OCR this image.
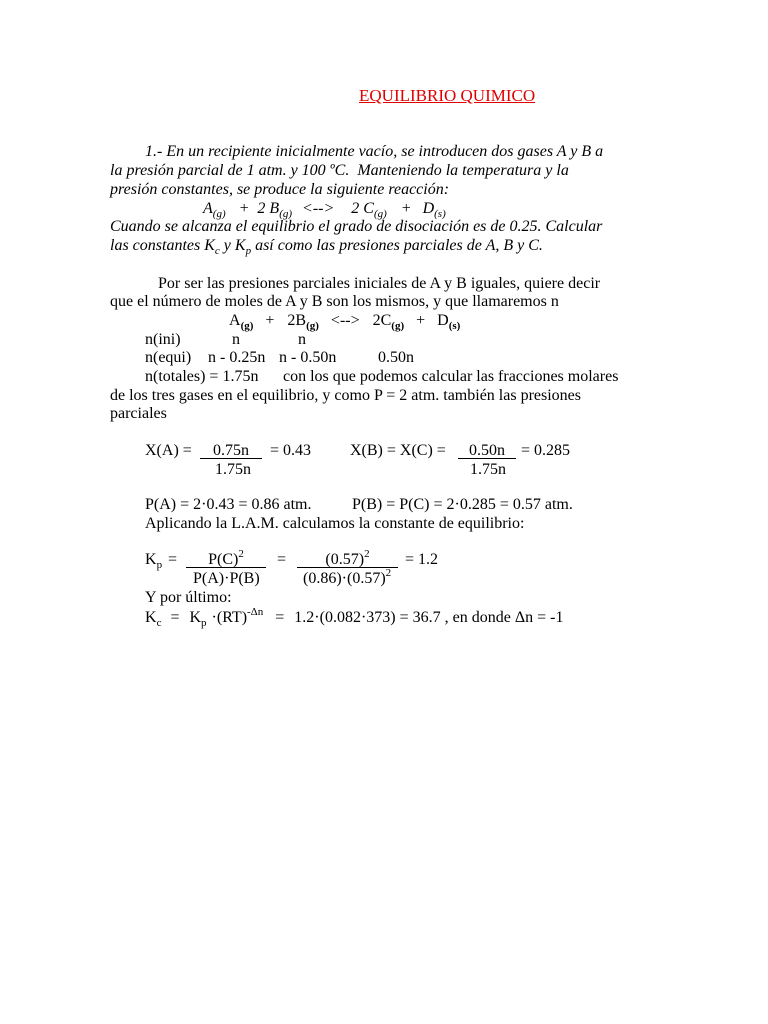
EQUILIBRIO QUIMICO
1.- En un recipiente inicialmente vacío, se introducen dos gases A y B a
la presión parcial de 1 atm. y 100 ºC.  Manteniendo la temperatura y la
presión constantes, se produce la siguiente reacción:
$A_{(g)} + 2$ $B_{(g)}$ <--> 2 $C_{(g)} + D_{(s)}$
Cuando se alcanza el equilibrio el grado de disociación es de 0.25. Calcular
las constantes $K_c$ y $K_p$ así como las presiones parciales de A, B y C.
Por ser las presiones parciales iniciales de A y B iguales, quiere decir
que el número de moles de A y B son los mismos, y que llamaremos n
$A_{(g)} + 2B_{(g)}$ <--> $2C_{(g)} + D_{(s)}$
n(ini)	n	n
n(equi) n - 0.25n n - 0.50n	0.50n
n(totales) = 1.75n con los que podemos calcular las fracciones molares
de los tres gases en el equilibrio, y como P = 2 atm. también las presiones
parciales
X(A) =	0.75n	= 0.43
1.75n
X(B) = X(C) =	0.50n	= 0.285
1.75n
P(A) = 2·0.43 = 0.86 atm.	P(B) = P(C) = 2·0.285 = 0.57 atm.
Aplicando la L.A.M. calculamos la constante de equilibrio:
$K_p$ =	$P(C)^2$	=	$(0.57)^2$	= 1.2
P(A)·P(B)	$(0.86)\cdot(0.57)^2$
Y por último:
$K_c = K_p \cdot(RT)^{-\Delta n} = 1.2\cdot(0.082\cdot 373) = 36.7$ , en donde Δn = -1
